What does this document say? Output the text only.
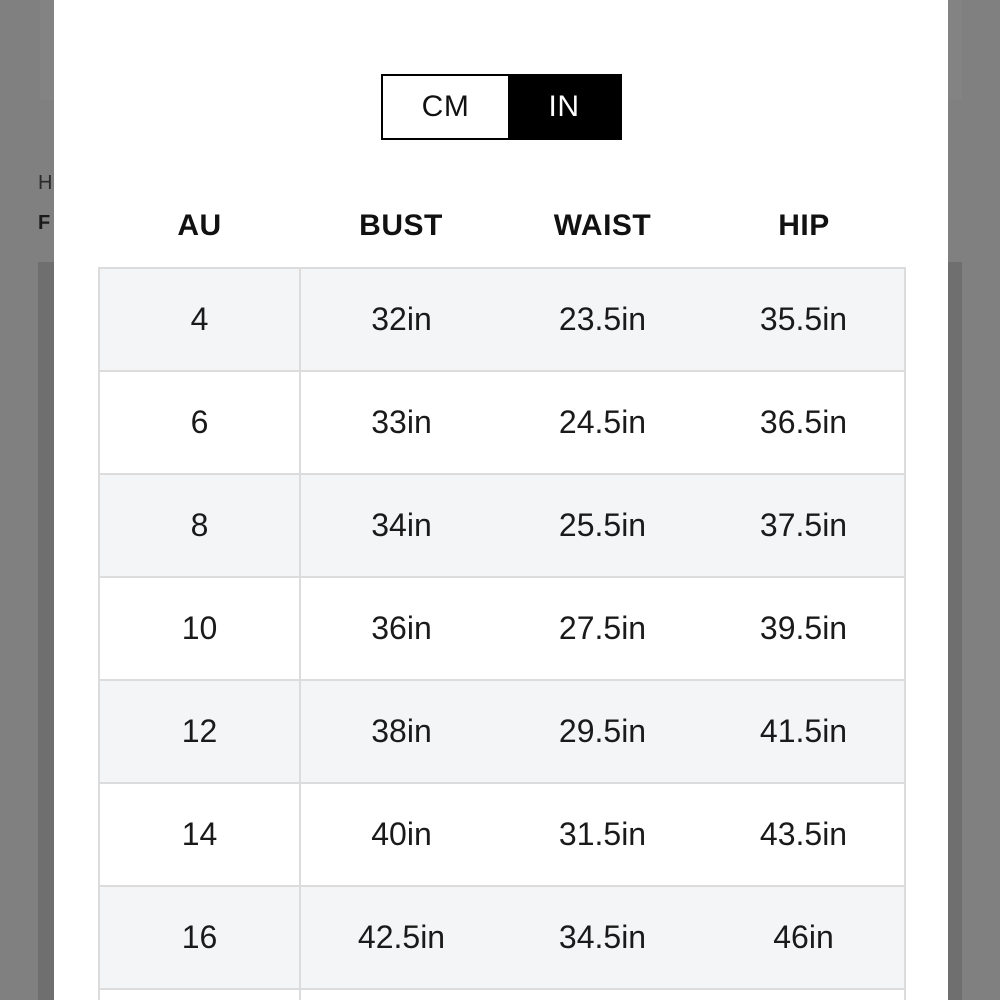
H
F
CM	IN
AU	BUST	WAIST	HIP
4	32in	23.5in	35.5in
6	33in	24.5in	36.5in
8	34in	25.5in	37.5in
10	36in	27.5in	39.5in
12	38in	29.5in	41.5in
14	40in	31.5in	43.5in
16	42.5in	34.5in	46in
